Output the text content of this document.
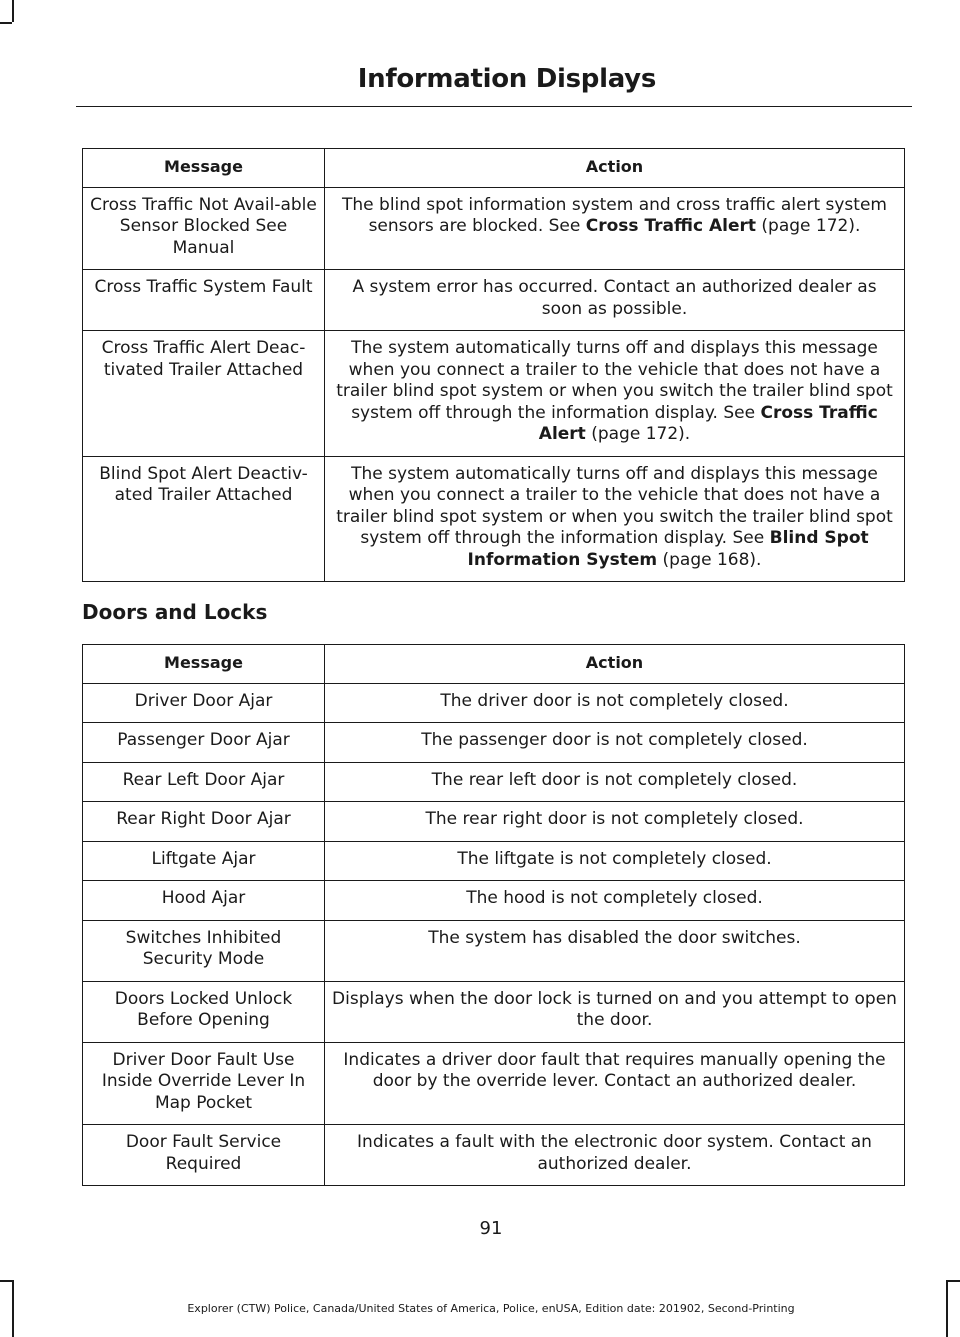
Information Displays
Message	Action
Cross Traffic Not Avail-able Sensor Blocked See Manual	The blind spot information system and cross traffic alert system sensors are blocked. See Cross Traffic Alert (page 172).
Cross Traffic System Fault	A system error has occurred. Contact an authorized dealer as soon as possible.
Cross Traffic Alert Deac-tivated Trailer Attached	The system automatically turns off and displays this message when you connect a trailer to the vehicle that does not have a trailer blind spot system or when you switch the trailer blind spot system off through the information display. See Cross Traffic Alert (page 172).
Blind Spot Alert Deactiv-ated Trailer Attached	The system automatically turns off and displays this message when you connect a trailer to the vehicle that does not have a trailer blind spot system or when you switch the trailer blind spot system off through the information display. See Blind Spot Information System (page 168).
Doors and Locks
Message	Action
Driver Door Ajar	The driver door is not completely closed.
Passenger Door Ajar	The passenger door is not completely closed.
Rear Left Door Ajar	The rear left door is not completely closed.
Rear Right Door Ajar	The rear right door is not completely closed.
Liftgate Ajar	The liftgate is not completely closed.
Hood Ajar	The hood is not completely closed.
Switches Inhibited Security Mode	The system has disabled the door switches.
Doors Locked Unlock Before Opening	Displays when the door lock is turned on and you attempt to open the door.
Driver Door Fault Use Inside Override Lever In Map Pocket	Indicates a driver door fault that requires manually opening the door by the override lever. Contact an authorized dealer.
Door Fault Service Required	Indicates a fault with the electronic door system. Contact an authorized dealer.
91
Explorer (CTW) Police, Canada/United States of America, Police, enUSA, Edition date: 201902, Second-Printing
